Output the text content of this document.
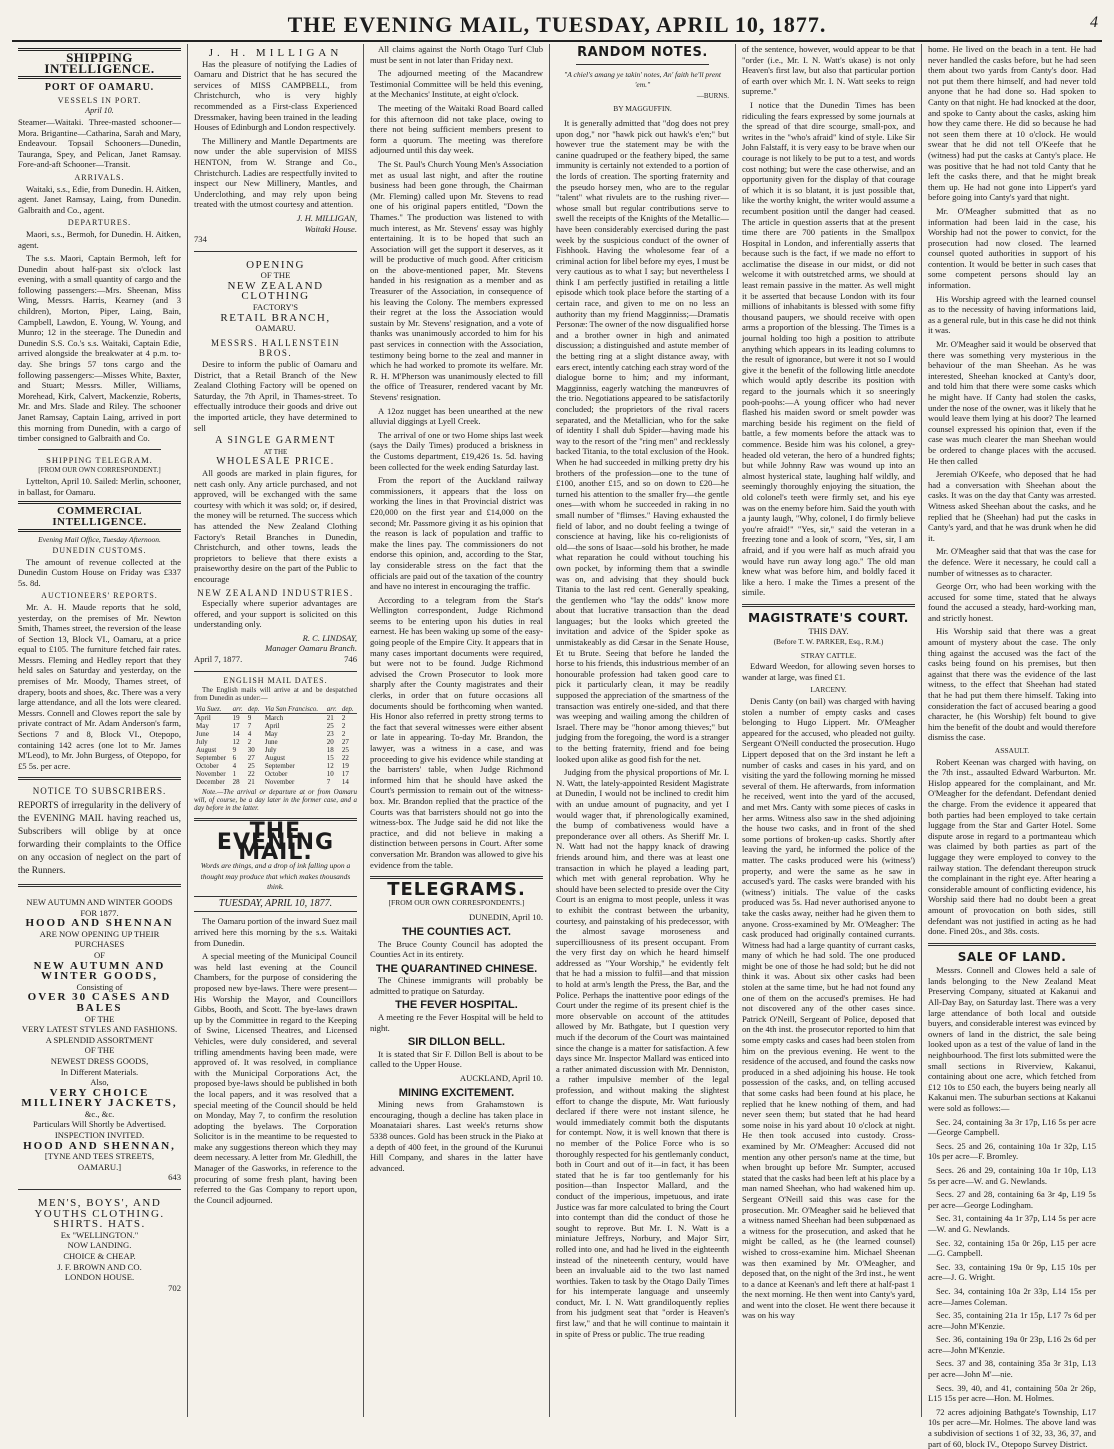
THE EVENING MAIL, TUESDAY, APRIL 10, 1877.	4
SHIPPING INTELLIGENCE.
PORT OF OAMARU.
VESSELS IN PORT.
April 10.

Steamer—Waitaki. Three-masted schooner—Mora. Brigantine—Catharina, Sarah and Mary, Endeavour. Topsail Schooners—Dunedin, Tauranga, Spey, and Pelican, Janet Ramsay. Fore-and-aft Schooner—Transit.

ARRIVALS.

Waitaki, s.s., Edie, from Dunedin. H. Aitken, agent. Janet Ramsay, Laing, from Dunedin. Galbraith and Co., agent.

DEPARTURES.

Maori, s.s., Bermoh, for Dunedin. H. Aitken, agent.

The s.s. Maori, Captain Bermoh, left for Dunedin about half-past six o'clock last evening, with a small quantity of cargo and the following passengers:—Mrs. Sheenan, Miss Wing, Messrs. Harris, Kearney (and 3 children), Morton, Piper, Laing, Bain, Campbell, Lawdon, E. Young, W. Young, and Munro; 12 in the steerage. The Dunedin and Dunedin S.S. Co.'s s.s. Waitaki, Captain Edie, arrived alongside the breakwater at 4 p.m. to-day. She brings 57 tons cargo and the following passengers:—Misses White, Baxter, and Stuart; Messrs. Miller, Williams, Morehead, Kirk, Calvert, Mackenzie, Roberts, Mr. and Mrs. Slade and Riley. The schooner Janet Ramsay, Captain Laing, arrived in port this morning from Dunedin, with a cargo of timber consigned to Galbraith and Co.

SHIPPING TELEGRAM.
[FROM OUR OWN CORRESPONDENT.]

Lyttelton, April 10. Sailed: Merlin, schooner, in ballast, for Oamaru.

COMMERCIAL INTELLIGENCE.
Evening Mail Office, Tuesday Afternoon.
DUNEDIN CUSTOMS.

The amount of revenue collected at the Dunedin Custom House on Friday was £337 5s. 8d.

AUCTIONEERS' REPORTS.

Mr. A. H. Maude reports that he sold, yesterday, on the premises of Mr. Newton Smith, Thames street, the reversion of the lease of Section 13, Block VI., Oamaru, at a price equal to £105. The furniture fetched fair rates. Messrs. Fleming and Hedley report that they held sales on Saturday and yesterday, on the premises of Mr. Moody, Thames street, of drapery, boots and shoes, &c. There was a very large attendance, and all the lots were cleared. Messrs. Connell and Clowes report the sale by private contract of Mr. Adam Anderson's farm, Sections 7 and 8, Block VI., Otepopo, containing 142 acres (one lot to Mr. James M'Leod), to Mr. John Burgess, of Otepopo, for £5 5s. per acre.

NOTICE TO SUBSCRIBERS.

REPORTS of irregularity in the delivery of the EVENING MAIL having reached us, Subscribers will oblige by at once forwarding their complaints to the Office on any occasion of neglect on the part of the Runners.

NEW AUTUMN AND WINTER GOODS FOR 1877.
HOOD AND SHENNAN
ARE NOW OPENING UP THEIR PURCHASES
OF
NEW AUTUMN AND WINTER GOODS,
Consisting of
OVER 30 CASES AND BALES
OF THE
VERY LATEST STYLES AND FASHIONS.
A SPLENDID ASSORTMENT
OF THE
NEWEST DRESS GOODS,
In Different Materials.
Also,
VERY CHOICE MILLINERY JACKETS,
&c., &c.
Particulars Will Shortly be Advertised.
INSPECTION INVITED.
HOOD AND SHENNAN,
[TYNE AND TEES STREETS,
OAMARU.]
643
MEN'S, BOYS', AND YOUTHS CLOTHING.
SHIRTS. HATS.
Ex "WELLINGTON."
NOW LANDING.
CHOICE & CHEAP.
J. F. BROWN AND CO.
LONDON HOUSE.
702
J. H. MILLIGAN

Has the pleasure of notifying the Ladies of Oamaru and District that he has secured the services of MISS CAMPBELL, from Christchurch, who is very highly recommended as a First-class Experienced Dressmaker, having been trained in the leading Houses of Edinburgh and London respectively.

The Millinery and Mantle Departments are now under the able supervision of MISS HENTON, from W. Strange and Co., Christchurch. Ladies are respectfully invited to inspect our New Millinery, Mantles, and Underclothing, and may rely upon being treated with the utmost courtesy and attention.

J. H. MILLIGAN,
Waitaki House.
734
OPENING
OF THE
NEW ZEALAND CLOTHING
FACTORY'S
RETAIL BRANCH,
OAMARU.
MESSRS. HALLENSTEIN BROS.

Desire to inform the public of Oamaru and District, that a Retail Branch of the New Zealand Clothing Factory will be opened on Saturday, the 7th April, in Thames-street. To effectually introduce their goods and drive out the imported article, they have determined to sell

A SINGLE GARMENT
AT THE
WHOLESALE PRICE.

All goods are marked in plain figures, for nett cash only. Any article purchased, and not approved, will be exchanged with the same courtesy with which it was sold; or, if desired, the money will be returned. The success which has attended the New Zealand Clothing Factory's Retail Branches in Dunedin, Christchurch, and other towns, leads the proprietors to believe that there exists a praiseworthy desire on the part of the Public to encourage

NEW ZEALAND INDUSTRIES.

Especially where superior advantages are offered, and your support is solicited on this understanding only.

R. C. LINDSAY,
Manager Oamaru Branch.
April 7, 1877.	746
ENGLISH MAIL DATES.

The English mails will arrive at and be despatched from Dunedin as under:—

Via Suez.	arr.	dep.	Via San Francisco.	arr.	dep.
April	19	9	March	21	2
May	17	7	April	25	2
June	14	4	May	23	2
July	12	2	June	20	27
August	9	30	July	18	25
September	6	27	August	15	22
October	4	25	September	12	19
November	1	22	October	10	17
December	28	21	November	7	14

Note.—The arrival or departure at or from Oamaru will, of course, be a day later in the former case, and a day before in the latter.

THE EVENING MAIL.
Words are things, and a drop of ink falling upon a thought may produce that which makes thousands think.
TUESDAY, APRIL 10, 1877.

The Oamaru portion of the inward Suez mail arrived here this morning by the s.s. Waitaki from Dunedin.

A special meeting of the Municipal Council was held last evening at the Council Chambers, for the purpose of considering the proposed new bye-laws. There were present—His Worship the Mayor, and Councillors Gibbs, Booth, and Scott. The bye-laws drawn up by the Committee in regard to the Keeping of Swine, Licensed Theatres, and Licensed Vehicles, were duly considered, and several trifling amendments having been made, were approved of. It was resolved, in compliance with the Municipal Corporations Act, the proposed bye-laws should be published in both the local papers, and it was resolved that a special meeting of the Council should be held on Monday, May 7, to confirm the resolution adopting the byelaws. The Corporation Solicitor is in the meantime to be requested to make any suggestions thereon which they may deem necessary. A letter from Mr. Gledhill, the Manager of the Gasworks, in reference to the procuring of some fresh plant, having been referred to the Gas Company to report upon, the Council adjourned.

All claims against the North Otago Turf Club must be sent in not later than Friday next.

The adjourned meeting of the Macandrew Testimonial Committee will be held this evening, at the Mechanics' Institute, at eight o'clock.

The meeting of the Waitaki Road Board called for this afternoon did not take place, owing to there not being sufficient members present to form a quorum. The meeting was therefore adjourned until this day week.

The St. Paul's Church Young Men's Association met as usual last night, and after the routine business had been gone through, the Chairman (Mr. Fleming) called upon Mr. Stevens to read one of his original papers entitled, "Down the Thames." The production was listened to with much interest, as Mr. Stevens' essay was highly entertaining. It is to be hoped that such an Association will get the support it deserves, as it will be productive of much good. After criticism on the above-mentioned paper, Mr. Stevens handed in his resignation as a member and as Treasurer of the Association, in consequence of his leaving the Colony. The members expressed their regret at the loss the Association would sustain by Mr. Stevens' resignation, and a vote of thanks was unanimously accorded to him for his past services in connection with the Association, testimony being borne to the zeal and manner in which he had worked to promote its welfare. Mr. R. H. M'Pherson was unanimously elected to fill the office of Treasurer, rendered vacant by Mr. Stevens' resignation.

A 12oz nugget has been unearthed at the new alluvial diggings at Lyell Creek.

The arrival of one or two Home ships last week (says the Daily Times) produced a briskness in the Customs department, £19,426 1s. 5d. having been collected for the week ending Saturday last.

From the report of the Auckland railway commissioners, it appears that the loss on working the lines in that Provincial district was £20,000 on the first year and £14,000 on the second; Mr. Passmore giving it as his opinion that the reason is lack of population and traffic to make the lines pay. The commissioners do not endorse this opinion, and, according to the Star, lay considerable stress on the fact that the officials are paid out of the taxation of the country and have no interest in encouraging the traffic.

According to a telegram from the Star's Wellington correspondent, Judge Richmond seems to be entering upon his duties in real earnest. He has been waking up some of the easy-going people of the Empire City. It appears that in many cases important documents were required, but were not to be found. Judge Richmond advised the Crown Prosecutor to look more sharply after the County magistrates and their clerks, in order that on future occasions all documents should be forthcoming when wanted. His Honor also referred in pretty strong terms to the fact that several witnesses were either absent or late in appearing. To-day Mr. Brandon, the lawyer, was a witness in a case, and was proceeding to give his evidence while standing at the barristers' table, when Judge Richmond informed him that he should have asked the Court's permission to remain out of the witness-box. Mr. Brandon replied that the practice of the Courts was that barristers should not go into the witness-box. The Judge said he did not like the practice, and did not believe in making a distinction between persons in Court. After some conversation Mr. Brandon was allowed to give his evidence from the table.

TELEGRAMS.
[FROM OUR OWN CORRESPONDENTS.]
DUNEDIN, April 10.
THE COUNTIES ACT.

The Bruce County Council has adopted the Counties Act in its entirety.

THE QUARANTINED CHINESE.

The Chinese immigrants will probably be admitted to pratique on Saturday.

THE FEVER HOSPITAL.

A meeting re the Fever Hospital will be held to night.

SIR DILLON BELL.

It is stated that Sir F. Dillon Bell is about to be called to the Upper House.

AUCKLAND, April 10.
MINING EXCITEMENT.

Mining news from Grahamstown is encouraging, though a decline has taken place in Moanataiari shares. Last week's returns show 5338 ounces. Gold has been struck in the Piako at a depth of 400 feet, in the ground of the Kurunui Hill Company, and shares in the latter have advanced.

RANDOM NOTES.
"A chiel's amang ye takin' notes, An' faith he'll prent 'em."
—BURNS.
BY MAGGUFFIN.

It is generally admitted that "dog does not prey upon dog," nor "hawk pick out hawk's e'en;" but however true the statement may be with the canine quadruped or the feathery biped, the same immunity is certainly not extended to a portion of the lords of creation. The sporting fraternity and the pseudo horsey men, who are to the regular "talent" what rivulets are to the rushing river—whose small but regular contributions serve to swell the receipts of the Knights of the Metallic—have been considerably exercised during the past week by the suspicious conduct of the owner of Fishhook. Having the wholesome fear of a criminal action for libel before my eyes, I must be very cautious as to what I say; but nevertheless I think I am perfectly justified in retailing a little episode which took place before the starting of a certain race, and given to me on no less an authority than my friend Magginniss;—Dramatis Personæ: The owner of the now disgualified horse and a brother owner in high and animated discussion; a distinguished and astute member of the betting ring at a slight distance away, with ears erect, intently catching each stray word of the dialogue borne to him; and my informant, Magginniss, eagerly watching the manœuvres of the trio. Negotiations appeared to be satisfactorily concluded; the proprietors of the rival racers separated, and the Metallician, who for the sake of identity I shall dub Spider—having made his way to the resort of the "ring men" and recklessly backed Titania, to the total exclusion of the Hook. When he had succeeded in milking pretty dry his brothers of the profession—one to the tune of £100, another £15, and so on down to £20—he turned his attention to the smaller fry—the gentle ones—with whom he succeeded in raking in no small number of "flimses." Having exhausted the field of labor, and no doubt feeling a twinge of conscience at having, like his co-religionists of old—the sons of Isaac—sold his brother, he made what reparation he could without touching his own pocket, by informing them that a swindle was on, and advising that they should buck Titania to the last red cent. Generally speaking, the gentlemen who "lay the odds" know more about that lucrative transaction than the dead languages; but the looks which greeted the invitation and advice of the Spider spoke as unmistakeably as did Cæsar in the Senate House, Et tu Brute. Seeing that before he landed the horse to his friends, this industrious member of an honourable profession had taken good care to pick it particularly clean, it may be readily supposed the appreciation of the smartness of the transaction was entirely one-sided, and that there was weeping and wailing among the children of Israel. There may be "honor among thieves;" but judging from the foregoing, the word is a stranger to the betting fraternity, friend and foe being looked upon alike as good fish for the net.

Judging from the physical proportions of Mr. I. N. Watt, the lately-appointed Resident Magistrate at Dunedin, I would not be inclined to credit him with an undue amount of pugnacity, and yet I would wager that, if phrenologically examined, the bump of combativeness would have a preponderance over all others. As Sheriff Mr. I. N. Watt had not the happy knack of drawing friends around him, and there was at least one transaction in which he played a leading part, which met with general reprobation. Why he should have been selected to preside over the City Court is an enigma to most people, unless it was to exhibit the contrast between the urbanity, courtesy, and painstaking of his predecessor, with the almost savage moroseness and supercilliousness of its present occupant. From the very first day on which he heard himself addressed as "Your Worship," he evidently felt that he had a mission to fulfil—and that mission to hold at arm's length the Press, the Bar, and the Police. Perhaps the inattentive poor edings of the Court under the regime of its present chief is the more observable on account of the attitudes allowed by Mr. Bathgate, but I question very much if the decorum of the Court was maintained since the change is a matter for satisfaction. A few days since Mr. Inspector Mallard was enticed into a rather animated discussion with Mr. Denniston, a rather impulsive member of the legal profession, and without making the slightest effort to change the dispute, Mr. Watt furiously declared if there were not instant silence, he would immediately commit both the disputants for contempt. Now, it is well known that there is no member of the Police Force who is so thoroughly respected for his gentlemanly conduct, both in Court and out of it—in fact, it has been stated that he is far too gentlemanly for his position—than Inspector Mallard, and the conduct of the imperious, impetuous, and irate Justice was far more calculated to bring the Court into contempt than did the conduct of those he sought to reprove. But Mr. I. N. Watt is a miniature Jeffreys, Norbury, and Major Sirr, rolled into one, and had he lived in the eighteenth instead of the nineteenth century, would have been an invaluable aid to the two last named worthies. Taken to task by the Otago Daily Times for his intemperate language and unseemly conduct, Mr. I. N. Watt grandiloquently replies from his judgment seat that "order is Heaven's first law," and that he will continue to maintain it in spite of Press or public. The true reading

of the sentence, however, would appear to be that "order (i.e., Mr. I. N. Watt's ukase) is not only Heaven's first law, but also that particular portion of earth over which Mr. I. N. Watt seeks to reign supreme."

I notice that the Dunedin Times has been ridiculing the fears expressed by some journals at the spread of that dire scourge, small-pox, and writes in the "who's afraid" kind of style. Like Sir John Falstaff, it is very easy to be brave when our courage is not likely to be put to a test, and words cost nothing; but were the case otherwise, and an opportunity given for the display of that courage of which it is so blatant, it is just possible that, like the worthy knight, the writer would assume a recumbent position until the danger had ceased. The article in question asserts that at the present time there are 700 patients in the Smallpox Hospital in London, and inferentially asserts that because such is the fact, if we made no effort to acclimatise the disease in our midst, or did not welcome it with outstretched arms, we should at least remain passive in the matter. As well might it be asserted that because London with its four millions of inhabitants is blessed with some fifty thousand paupers, we should receive with open arms a proportion of the blessing. The Times is a journal holding too high a position to attribute anything which appears in its leading columns to the result of ignorance, but were it not so I would give it the benefit of the following little anecdote which would aptly describe its position with regard to the journals which it so sneeringly pooh-poohs:—A young officer who had never flashed his maiden sword or smelt powder was marching beside his regiment on the field of battle, a few moments before the attack was to commence. Beside him was his colonel, a grey-headed old veteran, the hero of a hundred fights; but while Johnny Raw was wound up into an almost hysterical state, laughing half wildly, and seemingly thoroughly enjoying the situation, the old colonel's teeth were firmly set, and his eye was on the enemy before him. Said the youth with a jaunty laugh, "Why, colonel, I do firmly believe you're afraid!" "Yes, sir," said the veteran in a freezing tone and a look of scorn, "Yes, sir, I am afraid, and if you were half as much afraid you would have run away long ago." The old man knew what was before him, and boldly faced it like a hero. I make the Times a present of the simile.

MAGISTRATE'S COURT.
THIS DAY.
(Before T. W. PARKER, Esq., R.M.)
STRAY CATTLE.

Edward Weedon, for allowing seven horses to wander at large, was fined £1.

LARCENY.

Denis Canty (on bail) was charged with having stolen a number of empty casks and cases belonging to Hugo Lippert. Mr. O'Meagher appeared for the accused, who pleaded not guilty. Sergeant O'Neill conducted the prosecution. Hugo Lippert deposed that on the 3rd instant he left a number of casks and cases in his yard, and on visiting the yard the following morning he missed several of them. He afterwards, from information he received, went into the yard of the accused, and met Mrs. Canty with some pieces of casks in her arms. Witness also saw in the shed adjoining the house two casks, and in front of the shed some portions of broken-up casks. Shortly after leaving the yard, he informed the police of the matter. The casks produced were his (witness') property, and were the same as he saw in accused's yard. The casks were branded with his (witness') initials. The value of the casks produced was 5s. Had never authorised anyone to take the casks away, neither had he given them to anyone. Cross-examined by Mr. O'Meagher: The cask produced had originally contained currants. Witness had had a large quantity of currant casks, many of which he had sold. The one produced might be one of those he had sold; but he did not think it was. About six other casks had been stolen at the same time, but he had not found any one of them on the accused's premises. He had not discovered any of the other cases since. Patrick O'Neill, Sergeant of Police, deposed that on the 4th inst. the prosecutor reported to him that some empty casks and cases had been stolen from him on the previous evening. He went to the residence of the accused, and found the casks now produced in a shed adjoining his house. He took possession of the casks, and, on telling accused that some casks had been found at his place, he replied that he knew nothing of them, and had never seen them; but stated that he had heard some noise in his yard about 10 o'clock at night. He then took accused into custody. Cross-examined by Mr. O'Meagher: Accused did not mention any other person's name at the time, but when brought up before Mr. Sumpter, accused stated that the casks had been left at his place by a man named Sheehan, who had wakened him up. Sergeant O'Neill said this was case for the prosecution. Mr. O'Meagher said he believed that a witness named Sheehan had been subpœnaed as a witness for the prosecution, and asked that he might be called, as he (the learned counsel) wished to cross-examine him. Michael Sheenan was then examined by Mr. O'Meagher, and deposed that, on the night of the 3rd inst., he went to a dance at Keenan's and left there at half-past 1 the next morning. He then went into Canty's yard, and went into the closet. He went there because it was on his way

home. He lived on the beach in a tent. He had never handled the casks before, but he had seen them about two yards from Canty's door. Had not put them there himself, and had never told anyone that he had done so. Had spoken to Canty on that night. He had knocked at the door, and spoke to Canty about the casks, asking him how they came there. He did so because he had not seen them there at 10 o'clock. He would swear that he did not tell O'Keefe that he (witness) had put the casks at Canty's place. He was positive that he had not told Canty that he left the casks there, and that he might break them up. He had not gone into Lippert's yard before going into Canty's yard that night.

Mr. O'Meagher submitted that as no information had been laid in the case, his Worship had not the power to convict, for the prosecution had now closed. The learned counsel quoted authorities in support of his contention. It would be better in such cases that some competent persons should lay an information.

His Worship agreed with the learned counsel as to the necessity of having informations laid, as a general rule, but in this case he did not think it was.

Mr. O'Meagher said it would be observed that there was something very mysterious in the behaviour of the man Sheehan. As he was interested, Sheehan knocked at Canty's door, and told him that there were some casks which he might have. If Canty had stolen the casks, under the nose of the owner, was it likely that he would leave them lying at his door? The learned counsel expressed his opinion that, even if the case was much clearer the man Sheehan would be ordered to change places with the accused. He then called

Jeremiah O'Keefe, who deposed that he had had a conversation with Sheehan about the casks. It was on the day that Canty was arrested. Witness asked Sheehan about the casks, and he replied that he (Sheehan) had put the casks in Canty's yard, and that he was drunk when he did it.

Mr. O'Meagher said that that was the case for the defence. Were it necessary, he could call a number of witnesses as to character.

George Orr, who had been working with the accused for some time, stated that he always found the accused a steady, hard-working man, and strictly honest.

His Worship said that there was a great amount of mystery about the case. The only thing against the accused was the fact of the casks being found on his premises, but then against that there was the evidence of the last witness, to the effect that Sheehan had stated that he had put them there himself. Taking into consideration the fact of accused bearing a good character, he (his Worship) felt bound to give him the benefit of the doubt and would therefore dismiss the case.

ASSAULT.

Robert Keenan was charged with having, on the 7th inst., assaulted Edward Warburton. Mr. Hislop appeared for the complainant, and Mr. O'Meagher for the defendant. Defendant denied the charge. From the evidence it appeared that both parties had been employed to take certain luggage from the Star and Garter Hotel. Some dispute arose in regard to a portmanteau which was claimed by both parties as part of the luggage they were employed to convey to the railway station. The defendant thereupon struck the complainant in the right eye. After hearing a considerable amount of conflicting evidence, his Worship said there had no doubt been a great amount of provocation on both sides, still defendant was not justified in acting as he had done. Fined 20s., and 38s. costs.

SALE OF LAND.

Messrs. Connell and Clowes held a sale of lands belonging to the New Zealand Meat Preserving Company, situated at Kakanui and All-Day Bay, on Saturday last. There was a very large attendance of both local and outside buyers, and considerable interest was evinced by owners of land in the district, the sale being looked upon as a test of the value of land in the neighbourhood. The first lots submitted were the small sections in Riverview, Kakanui, containing about one acre, which fetched from £12 10s to £50 each, the buyers being nearly all Kakanui men. The suburban sections at Kakanui were sold as follows:—

Sec. 24, containing 3a 3r 17p, L16 5s per acre—George Campbell.

Secs. 25 and 26, containing 10a 1r 32p, L15 10s per acre—F. Bromley.

Secs. 26 and 29, containing 10a 1r 10p, L13 5s per acre—W. and G. Newlands.

Secs. 27 and 28, containing 6a 3r 4p, L19 5s per acre—George Lodingham.

Sec. 31, containing 4a 1r 37p, L14 5s per acre—W. and G. Newlands.

Sec. 32, containing 15a 0r 26p, L15 per acre—G. Campbell.

Sec. 33, containing 19a 0r 9p, L15 10s per acre—J. G. Wright.

Sec. 34, containing 10a 2r 33p, L14 15s per acre—James Coleman.

Sec. 35, containing 21a 1r 15p, L17 7s 6d per acre—John M'Kenzie.

Sec. 36, containing 19a 0r 23p, L16 2s 6d per acre—John M'Kenzie.

Secs. 37 and 38, containing 35a 3r 31p, L13 per acre—John M'—nie.

Secs. 39, 40, and 41, containing 50a 2r 26p, L15 15s per acre—Hon. M. Holmes.

72 acres adjoining Bathgate's Township, L17 10s per acre—Mr. Holmes. The above land was a subdivision of sections 1 of 32, 33, 36, 37, and part of 60, block IV., Otepopo Survey District.
